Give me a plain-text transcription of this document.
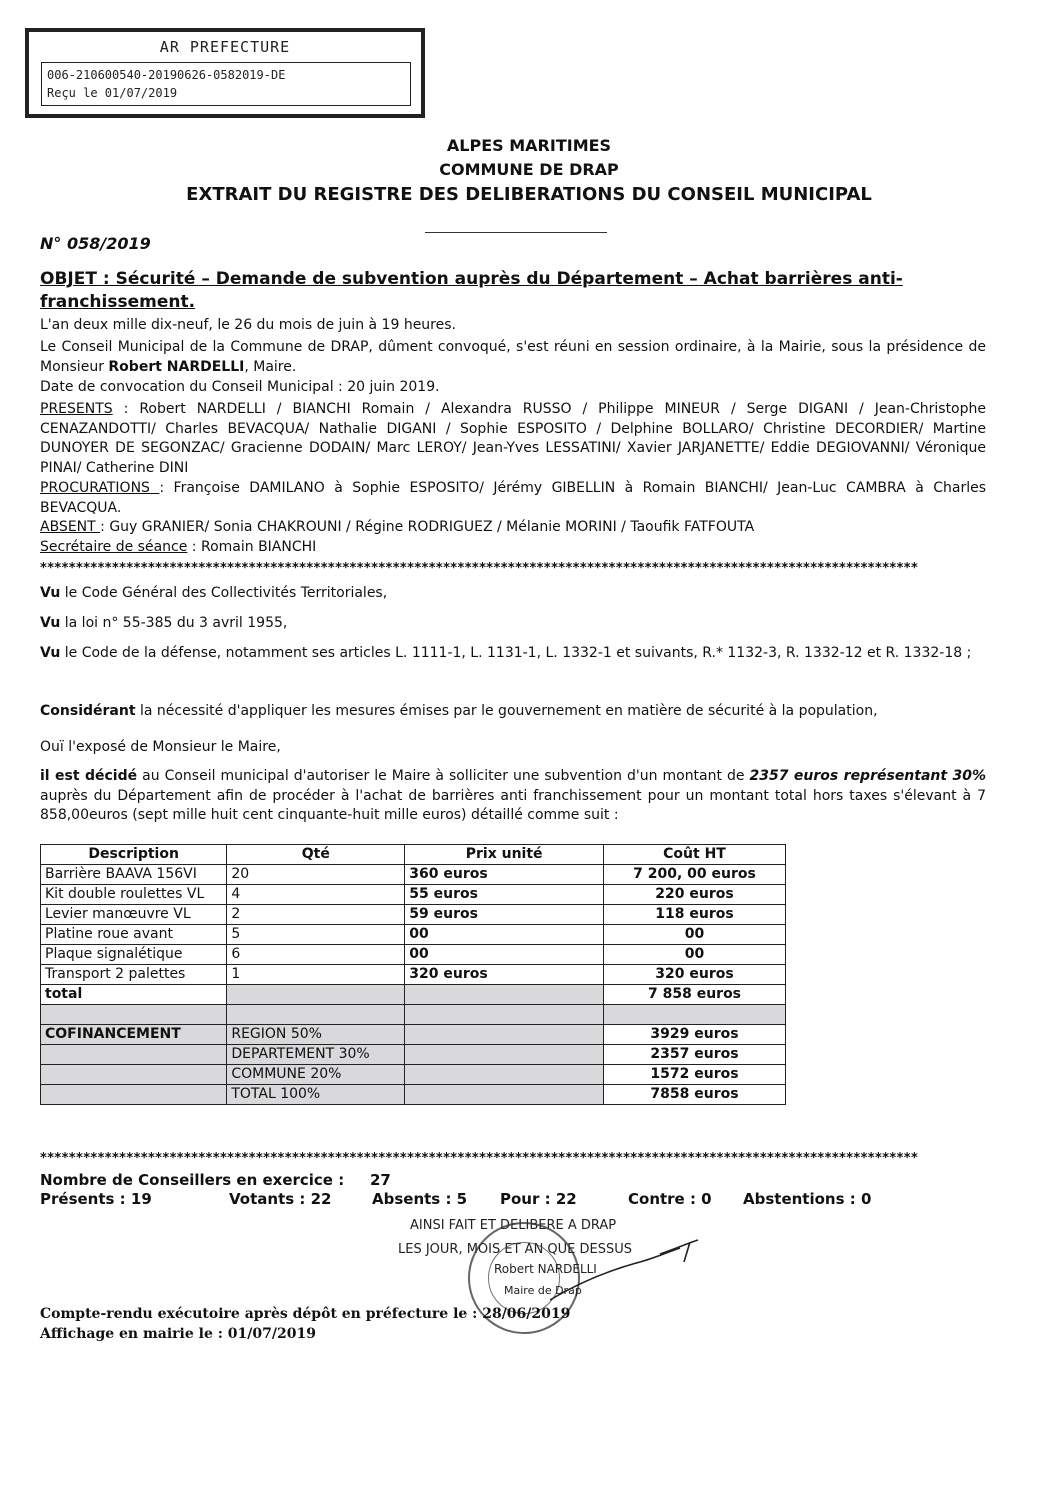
AR PREFECTURE
006-210600540-20190626-0582019-DE
Reçu le 01/07/2019
ALPES MARITIMES
COMMUNE DE DRAP
EXTRAIT DU REGISTRE DES DELIBERATIONS DU CONSEIL MUNICIPAL
N° 058/2019
OBJET : Sécurité – Demande de subvention auprès du Département – Achat barrières anti-franchissement.
L'an deux mille dix-neuf, le 26 du mois de juin à 19 heures.
Le Conseil Municipal de la Commune de DRAP, dûment convoqué, s'est réuni en session ordinaire, à la Mairie, sous la présidence de Monsieur Robert NARDELLI, Maire.
Date de convocation du Conseil Municipal : 20 juin 2019.
PRESENTS : Robert NARDELLI / BIANCHI Romain / Alexandra RUSSO / Philippe MINEUR / Serge DIGANI / Jean-Christophe CENAZANDOTTI/ Charles BEVACQUA/ Nathalie DIGANI / Sophie ESPOSITO / Delphine BOLLARO/ Christine DECORDIER/ Martine DUNOYER DE SEGONZAC/ Gracienne DODAIN/ Marc LEROY/ Jean-Yves LESSATINI/ Xavier JARJANETTE/ Eddie DEGIOVANNI/ Véronique PINAI/ Catherine DINI
PROCURATIONS : Françoise DAMILANO à Sophie ESPOSITO/ Jérémy GIBELLIN à Romain BIANCHI/ Jean-Luc CAMBRA à Charles BEVACQUA.
ABSENT : Guy GRANIER/ Sonia CHAKROUNI / Régine RODRIGUEZ / Mélanie MORINI / Taoufik FATFOUTA
Secrétaire de séance : Romain BIANCHI
**************************************************************************************************************************
Vu le Code Général des Collectivités Territoriales,
Vu la loi n° 55-385 du 3 avril 1955,
Vu le Code de la défense, notamment ses articles L. 1111-1, L. 1131-1, L. 1332-1 et suivants, R.* 1132-3, R. 1332-12 et R. 1332-18 ;
Considérant la nécessité d'appliquer les mesures émises par le gouvernement en matière de sécurité à la population,
Ouï l'exposé de Monsieur le Maire,
il est décidé au Conseil municipal d'autoriser le Maire à solliciter une subvention d'un montant de 2357 euros représentant 30% auprès du Département afin de procéder à l'achat de barrières anti franchissement pour un montant total hors taxes s'élevant à 7 858,00euros (sept mille huit cent cinquante-huit mille euros) détaillé comme suit :
Description	Qté	Prix unité	Coût HT
Barrière BAAVA 156VI	20	360 euros	7 200, 00 euros
Kit double roulettes VL	4	55 euros	220 euros
Levier manœuvre VL	2	59 euros	118 euros
Platine roue avant	5	00	00
Plaque signalétique	6	00	00
Transport 2 palettes	1	320 euros	320 euros
total			7 858 euros

COFINANCEMENT	REGION 50%		3929 euros
	DEPARTEMENT 30%		2357 euros
	COMMUNE 20%		1572 euros
	TOTAL 100%		7858 euros
**************************************************************************************************************************
Nombre de Conseillers en exercice : 27
Présents : 19	Votants : 22	Absents : 5 Pour : 22	Contre : 0 Abstentions : 0
AINSI FAIT ET DELIBERE A DRAP
LES JOUR, MOIS ET AN QUE DESSUS
Robert NARDELLI
Maire de Drap
Compte-rendu exécutoire après dépôt en préfecture le : 28/06/2019
Affichage en mairie le : 01/07/2019
